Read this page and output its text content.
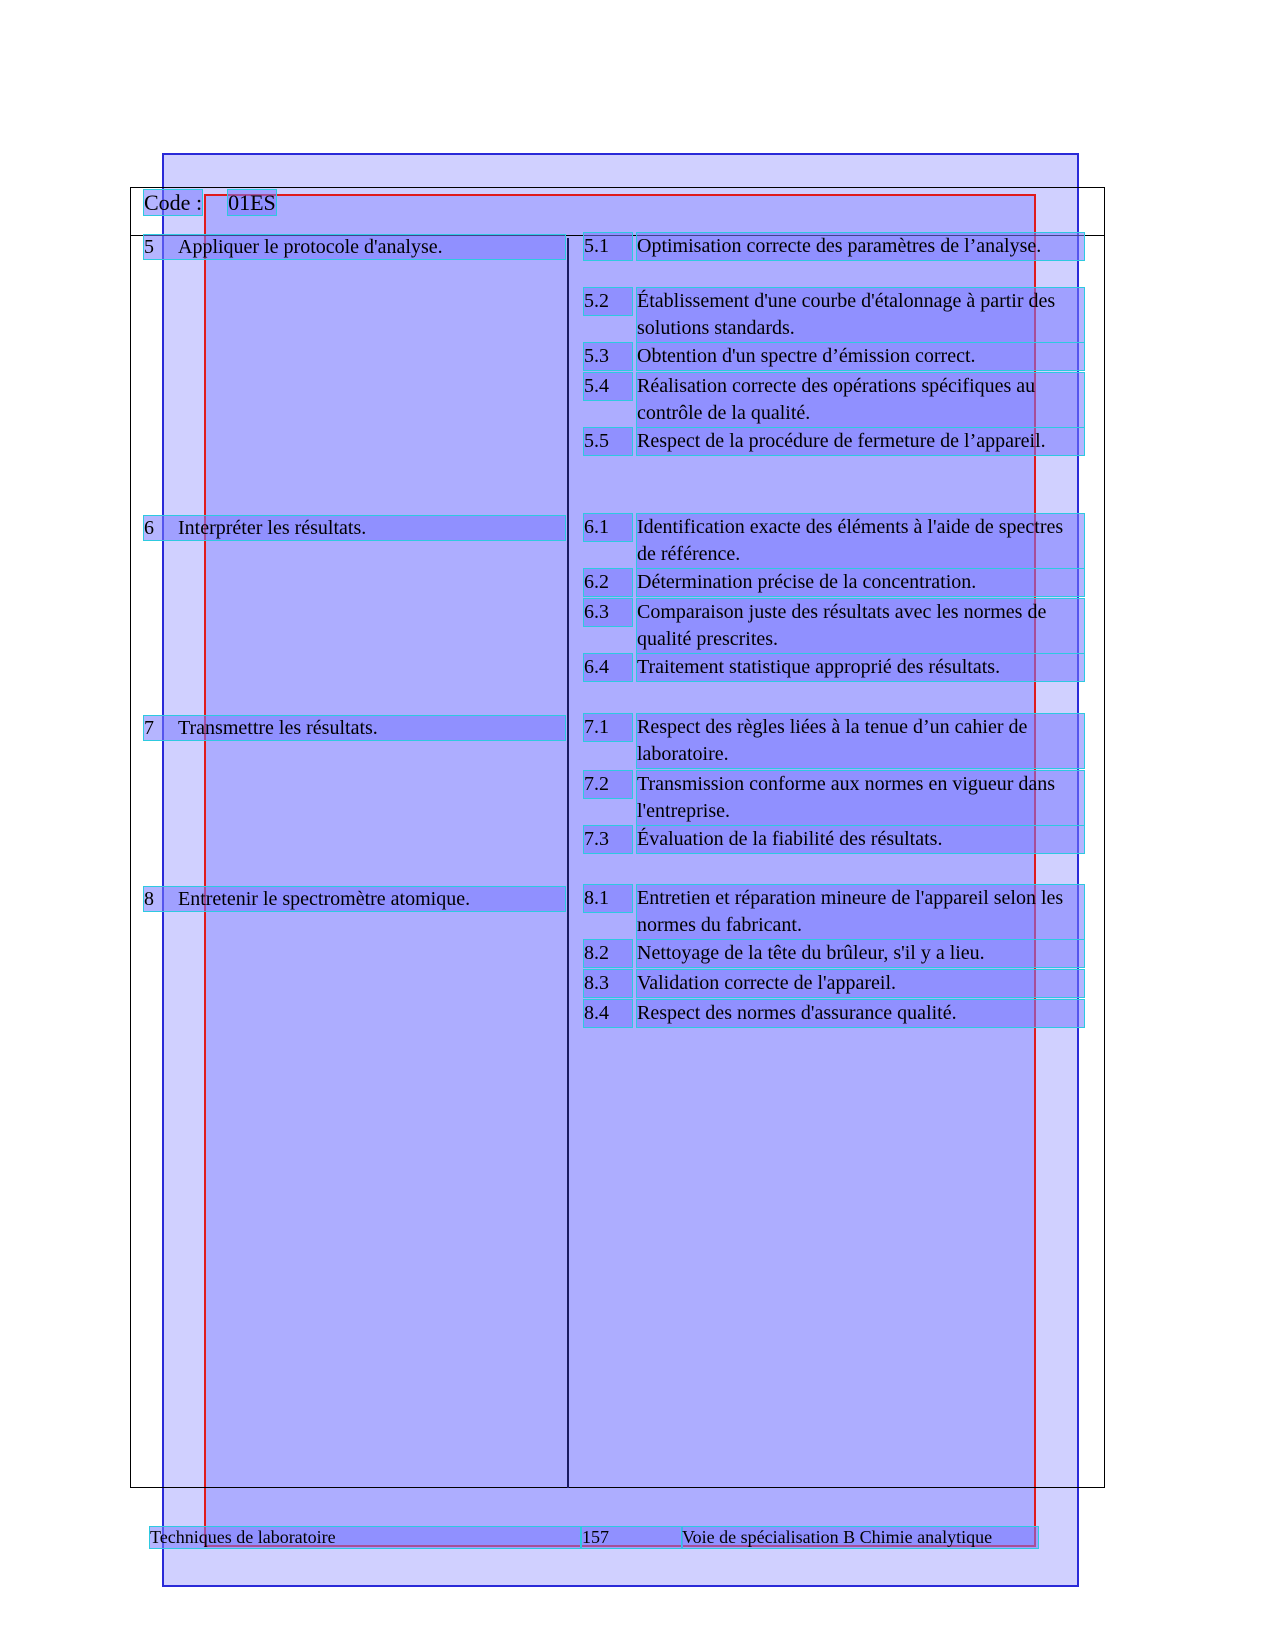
Code : 01ES
5 Appliquer le protocole d'analyse.	5.1	Optimisation correcte des paramètres de l’analyse.
5.2	Établissement d'une courbe d'étalonnage à partir des solutions standards.
5.3	Obtention d'un spectre d’émission correct.
5.4	Réalisation correcte des opérations spécifiques au contrôle de la qualité.
5.5	Respect de la procédure de fermeture de l’appareil.
6 Interpréter les résultats.	6.1	Identification exacte des éléments à l'aide de spectres de référence.
6.2	Détermination précise de la concentration.
6.3	Comparaison juste des résultats avec les normes de qualité prescrites.
6.4	Traitement statistique approprié des résultats.
7 Transmettre les résultats.	7.1	Respect des règles liées à la tenue d’un cahier de laboratoire.
7.2	Transmission conforme aux normes en vigueur dans l'entreprise.
7.3	Évaluation de la fiabilité des résultats.
8 Entretenir le spectromètre atomique.	8.1	Entretien et réparation mineure de l'appareil selon les normes du fabricant.
8.2	Nettoyage de la tête du brûleur, s'il y a lieu.
8.3	Validation correcte de l'appareil.
8.4	Respect des normes d'assurance qualité.
Techniques de laboratoire	157	Voie de spécialisation B Chimie analytique
